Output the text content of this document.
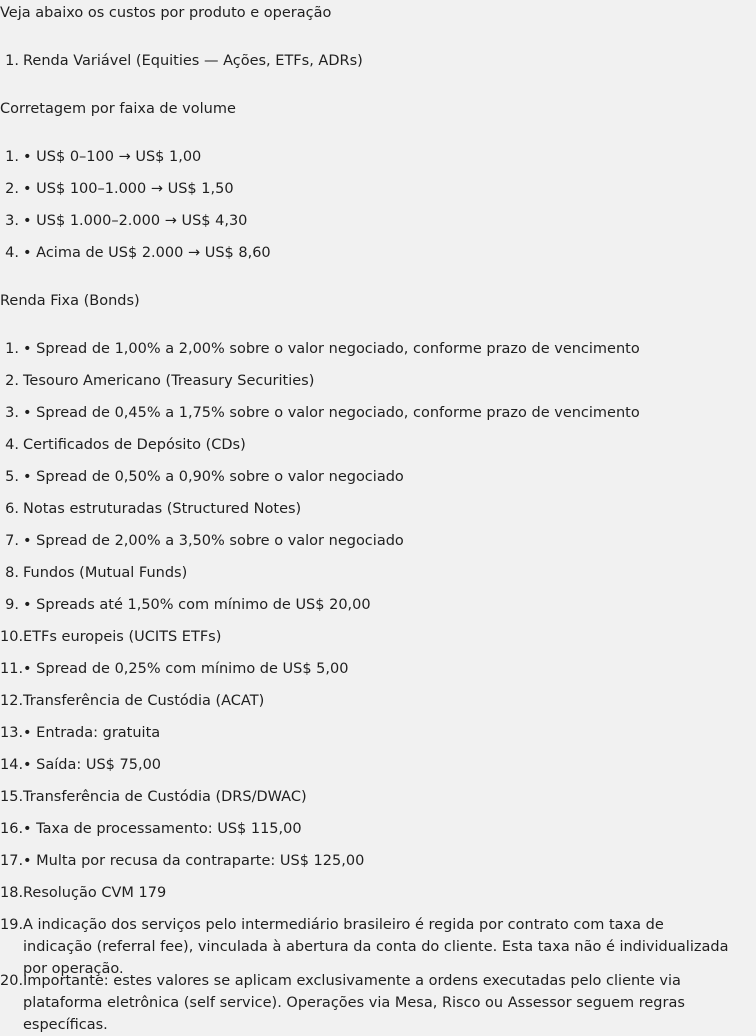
Veja abaixo os custos por produto e operação
1. Renda Variável (Equities — Ações, ETFs, ADRs)
Corretagem por faixa de volume
1. • US$ 0–100 → US$ 1,00
2. • US$ 100–1.000 → US$ 1,50
3. • US$ 1.000–2.000 → US$ 4,30
4. • Acima de US$ 2.000 → US$ 8,60
Renda Fixa (Bonds)
1. • Spread de 1,00% a 2,00% sobre o valor negociado, conforme prazo de vencimento
2. Tesouro Americano (Treasury Securities)
3. • Spread de 0,45% a 1,75% sobre o valor negociado, conforme prazo de vencimento
4. Certificados de Depósito (CDs)
5. • Spread de 0,50% a 0,90% sobre o valor negociado
6. Notas estruturadas (Structured Notes)
7. • Spread de 2,00% a 3,50% sobre o valor negociado
8. Fundos (Mutual Funds)
9. • Spreads até 1,50% com mínimo de US$ 20,00
10. ETFs europeis (UCITS ETFs)
11. • Spread de 0,25% com mínimo de US$ 5,00
12. Transferência de Custódia (ACAT)
13. • Entrada: gratuita
14. • Saída: US$ 75,00
15. Transferência de Custódia (DRS/DWAC)
16. • Taxa de processamento: US$ 115,00
17. • Multa por recusa da contraparte: US$ 125,00
18. Resolução CVM 179
19. A indicação dos serviços pelo intermediário brasileiro é regida por contrato com taxa de indicação (referral fee), vinculada à abertura da conta do cliente. Esta taxa não é individualizada por operação.
20. Importante: estes valores se aplicam exclusivamente a ordens executadas pelo cliente via plataforma eletrônica (self service). Operações via Mesa, Risco ou Assessor seguem regras específicas.
